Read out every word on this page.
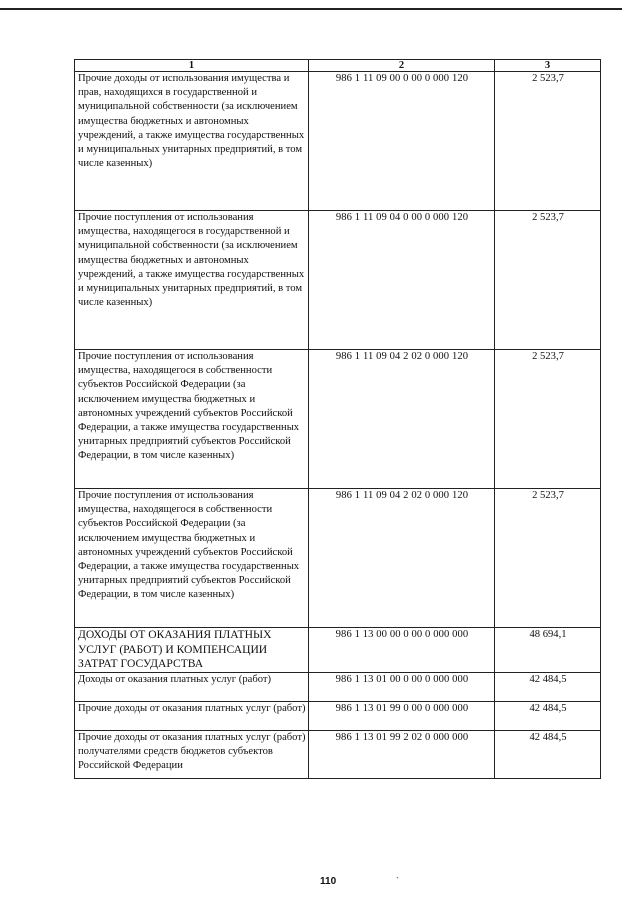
1	2	3
Прочие доходы от использования имущества и прав, находящихся в государственной и муниципальной собственности (за исключением имущества бюджетных и автономных учреждений, а также имущества государственных и муниципальных унитарных предприятий, в том числе казенных)	986 1 11 09 00 0 00 0 000 120	2 523,7
Прочие поступления от использования имущества, находящегося в государственной и муниципальной собственности (за исключением имущества бюджетных и автономных учреждений, а также имущества государственных и муниципальных унитарных предприятий, в том числе казенных)	986 1 11 09 04 0 00 0 000 120	2 523,7
Прочие поступления от использования имущества, находящегося в собственности субъектов Российской Федерации (за исключением имущества бюджетных и автономных учреждений субъектов Российской Федерации, а также имущества государственных унитарных предприятий субъектов Российской Федерации, в том числе казенных)	986 1 11 09 04 2 02 0 000 120	2 523,7
Прочие поступления от использования имущества, находящегося в собственности субъектов Российской Федерации (за исключением имущества бюджетных и автономных учреждений субъектов Российской Федерации, а также имущества государственных унитарных предприятий субъектов Российской Федерации, в том числе казенных)	986 1 11 09 04 2 02 0 000 120	2 523,7
ДОХОДЫ ОТ ОКАЗАНИЯ ПЛАТНЫХ УСЛУГ (РАБОТ) И КОМПЕНСАЦИИ ЗАТРАТ ГОСУДАРСТВА	986 1 13 00 00 0 00 0 000 000	48 694,1
Доходы от оказания платных услуг (работ)	986 1 13 01 00 0 00 0 000 000	42 484,5
Прочие доходы от оказания платных услуг (работ)	986 1 13 01 99 0 00 0 000 000	42 484,5
Прочие доходы от оказания платных услуг (работ) получателями средств бюджетов субъектов Российской Федерации	986 1 13 01 99 2 02 0 000 000	42 484,5
110	`
